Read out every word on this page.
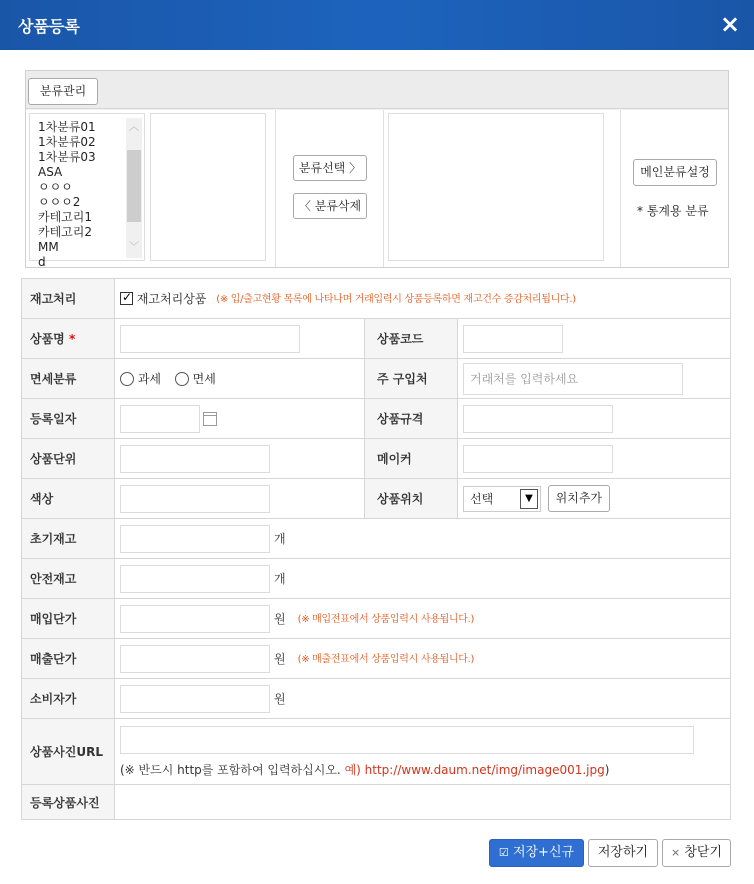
상품등록	×
분류관리
1차분류01
1차분류02
1차분류03
ASA
ㅇㅇㅇ
ㅇㅇㅇ2
카테고리1
카테고리2
MM
d
︿
﹀
분류선택 〉
〈 분류삭제
메인분류설정
* 통계용 분류
재고처리	✓재고처리상품 (※ 입/출고현황 목록에 나타나며 거래입력시 상품등록하면 재고건수 증감처리됩니다.)
상품명 *		상품코드	
면세분류	과세 면세	주 구입처	거래처를 입력하세요
등록일자		상품규격	
상품단위		메이커	
색상		상품위치	선택 ▼ 위치추가
초기재고	개		
안전재고	개		
매입단가	원 (※ 매입전표에서 상품입력시 사용됩니다.)		
매출단가	원 (※ 매출전표에서 상품입력시 사용됩니다.)		
소비자가	원		
상품사진URL	(※ 반드시 http를 포함하여 입력하십시오. 예) http://www.daum.net/img/image001.jpg)		

등록상품사진			
☑ 저장+신규	저장하기	× 창닫기
